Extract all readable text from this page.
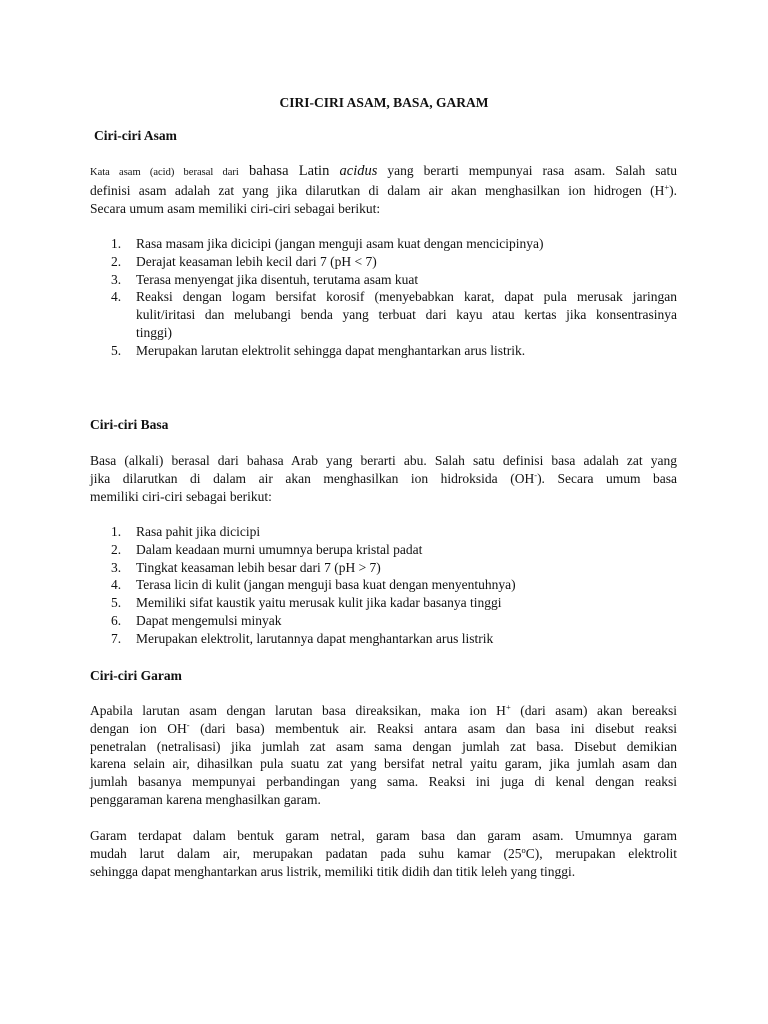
CIRI-CIRI ASAM, BASA, GARAM
Ciri-ciri Asam
Kata asam (acid) berasal dari bahasa Latin acidus yang berarti mempunyai rasa asam. Salah satu
definisi asam adalah zat yang jika dilarutkan di dalam air akan menghasilkan ion hidrogen (H+).
Secara umum asam memiliki ciri-ciri sebagai berikut:
1. Rasa masam jika dicicipi (jangan menguji asam kuat dengan mencicipinya)
2. Derajat keasaman lebih kecil dari 7 (pH < 7)
3. Terasa menyengat jika disentuh, terutama asam kuat
4. Reaksi dengan logam bersifat korosif (menyebabkan karat, dapat pula merusak jaringan
kulit/iritasi dan melubangi benda yang terbuat dari kayu atau kertas jika konsentrasinya
tinggi)
5. Merupakan larutan elektrolit sehingga dapat menghantarkan arus listrik.
Ciri-ciri Basa
Basa (alkali) berasal dari bahasa Arab yang berarti abu. Salah satu definisi basa adalah zat yang
jika dilarutkan di dalam air akan menghasilkan ion hidroksida (OH-). Secara umum basa
memiliki ciri-ciri sebagai berikut:
1. Rasa pahit jika dicicipi
2. Dalam keadaan murni umumnya berupa kristal padat
3. Tingkat keasaman lebih besar dari 7 (pH > 7)
4. Terasa licin di kulit (jangan menguji basa kuat dengan menyentuhnya)
5. Memiliki sifat kaustik yaitu merusak kulit jika kadar basanya tinggi
6. Dapat mengemulsi minyak
7. Merupakan elektrolit, larutannya dapat menghantarkan arus listrik
Ciri-ciri Garam
Apabila larutan asam dengan larutan basa direaksikan, maka ion H+ (dari asam) akan bereaksi
dengan ion OH- (dari basa) membentuk air. Reaksi antara asam dan basa ini disebut reaksi
penetralan (netralisasi) jika jumlah zat asam sama dengan jumlah zat basa. Disebut demikian
karena selain air, dihasilkan pula suatu zat yang bersifat netral yaitu garam, jika jumlah asam dan
jumlah basanya mempunyai perbandingan yang sama. Reaksi ini juga di kenal dengan reaksi
penggaraman karena menghasilkan garam.
Garam terdapat dalam bentuk garam netral, garam basa dan garam asam. Umumnya garam
mudah larut dalam air, merupakan padatan pada suhu kamar (25$^o$C), merupakan elektrolit
sehingga dapat menghantarkan arus listrik, memiliki titik didih dan titik leleh yang tinggi.
